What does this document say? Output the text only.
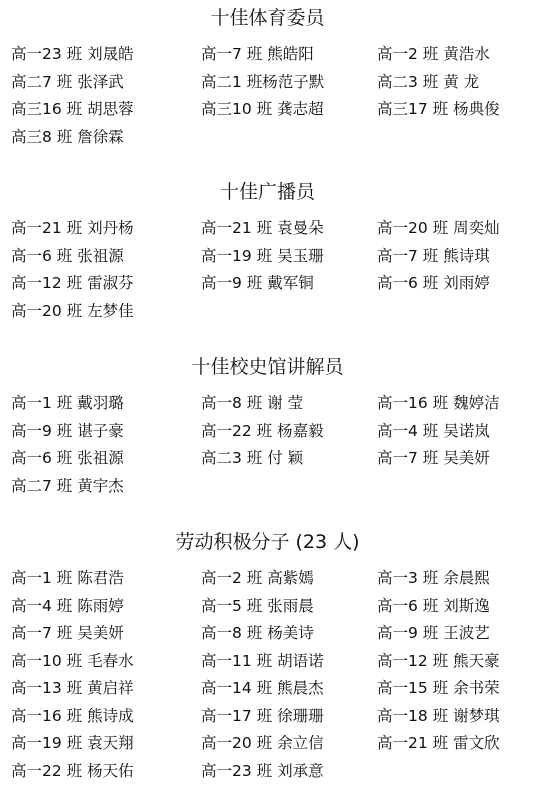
十佳体育委员
高一23 班 刘晟皓	高一7 班 熊皓阳	高一2 班 黄浩水
高二7 班 张泽武	高二1 班杨范子默	高二3 班 黄 龙
高三16 班 胡思蓉	高三10 班 龚志超	高三17 班 杨典俊
高三8 班 詹徐霖
十佳广播员
高一21 班 刘丹杨	高一21 班 袁曼朵	高一20 班 周奕灿
高一6 班 张祖源	高一19 班 吴玉珊	高一7 班 熊诗琪
高一12 班 雷淑芬	高一9 班 戴军铜	高一6 班 刘雨婷
高一20 班 左梦佳
十佳校史馆讲解员
高一1 班 戴羽璐	高一8 班 谢 莹	高一16 班 魏婷洁
高一9 班 谌子豪	高一22 班 杨嘉毅	高一4 班 吴诺岚
高一6 班 张祖源	高二3 班 付 颖	高一7 班 吴美妍
高二7 班 黄宇杰
劳动积极分子 (23 人)
高一1 班 陈君浩	高一2 班 高紫嫣	高一3 班 余晨熙
高一4 班 陈雨婷	高一5 班 张雨晨	高一6 班 刘斯逸
高一7 班 吴美妍	高一8 班 杨美诗	高一9 班 王波艺
高一10 班 毛春水	高一11 班 胡语诺	高一12 班 熊天豪
高一13 班 黄启祥	高一14 班 熊晨杰	高一15 班 余书荣
高一16 班 熊诗成	高一17 班 徐珊珊	高一18 班 谢梦琪
高一19 班 袁天翔	高一20 班 余立信	高一21 班 雷文欣
高一22 班 杨天佑	高一23 班 刘承意
